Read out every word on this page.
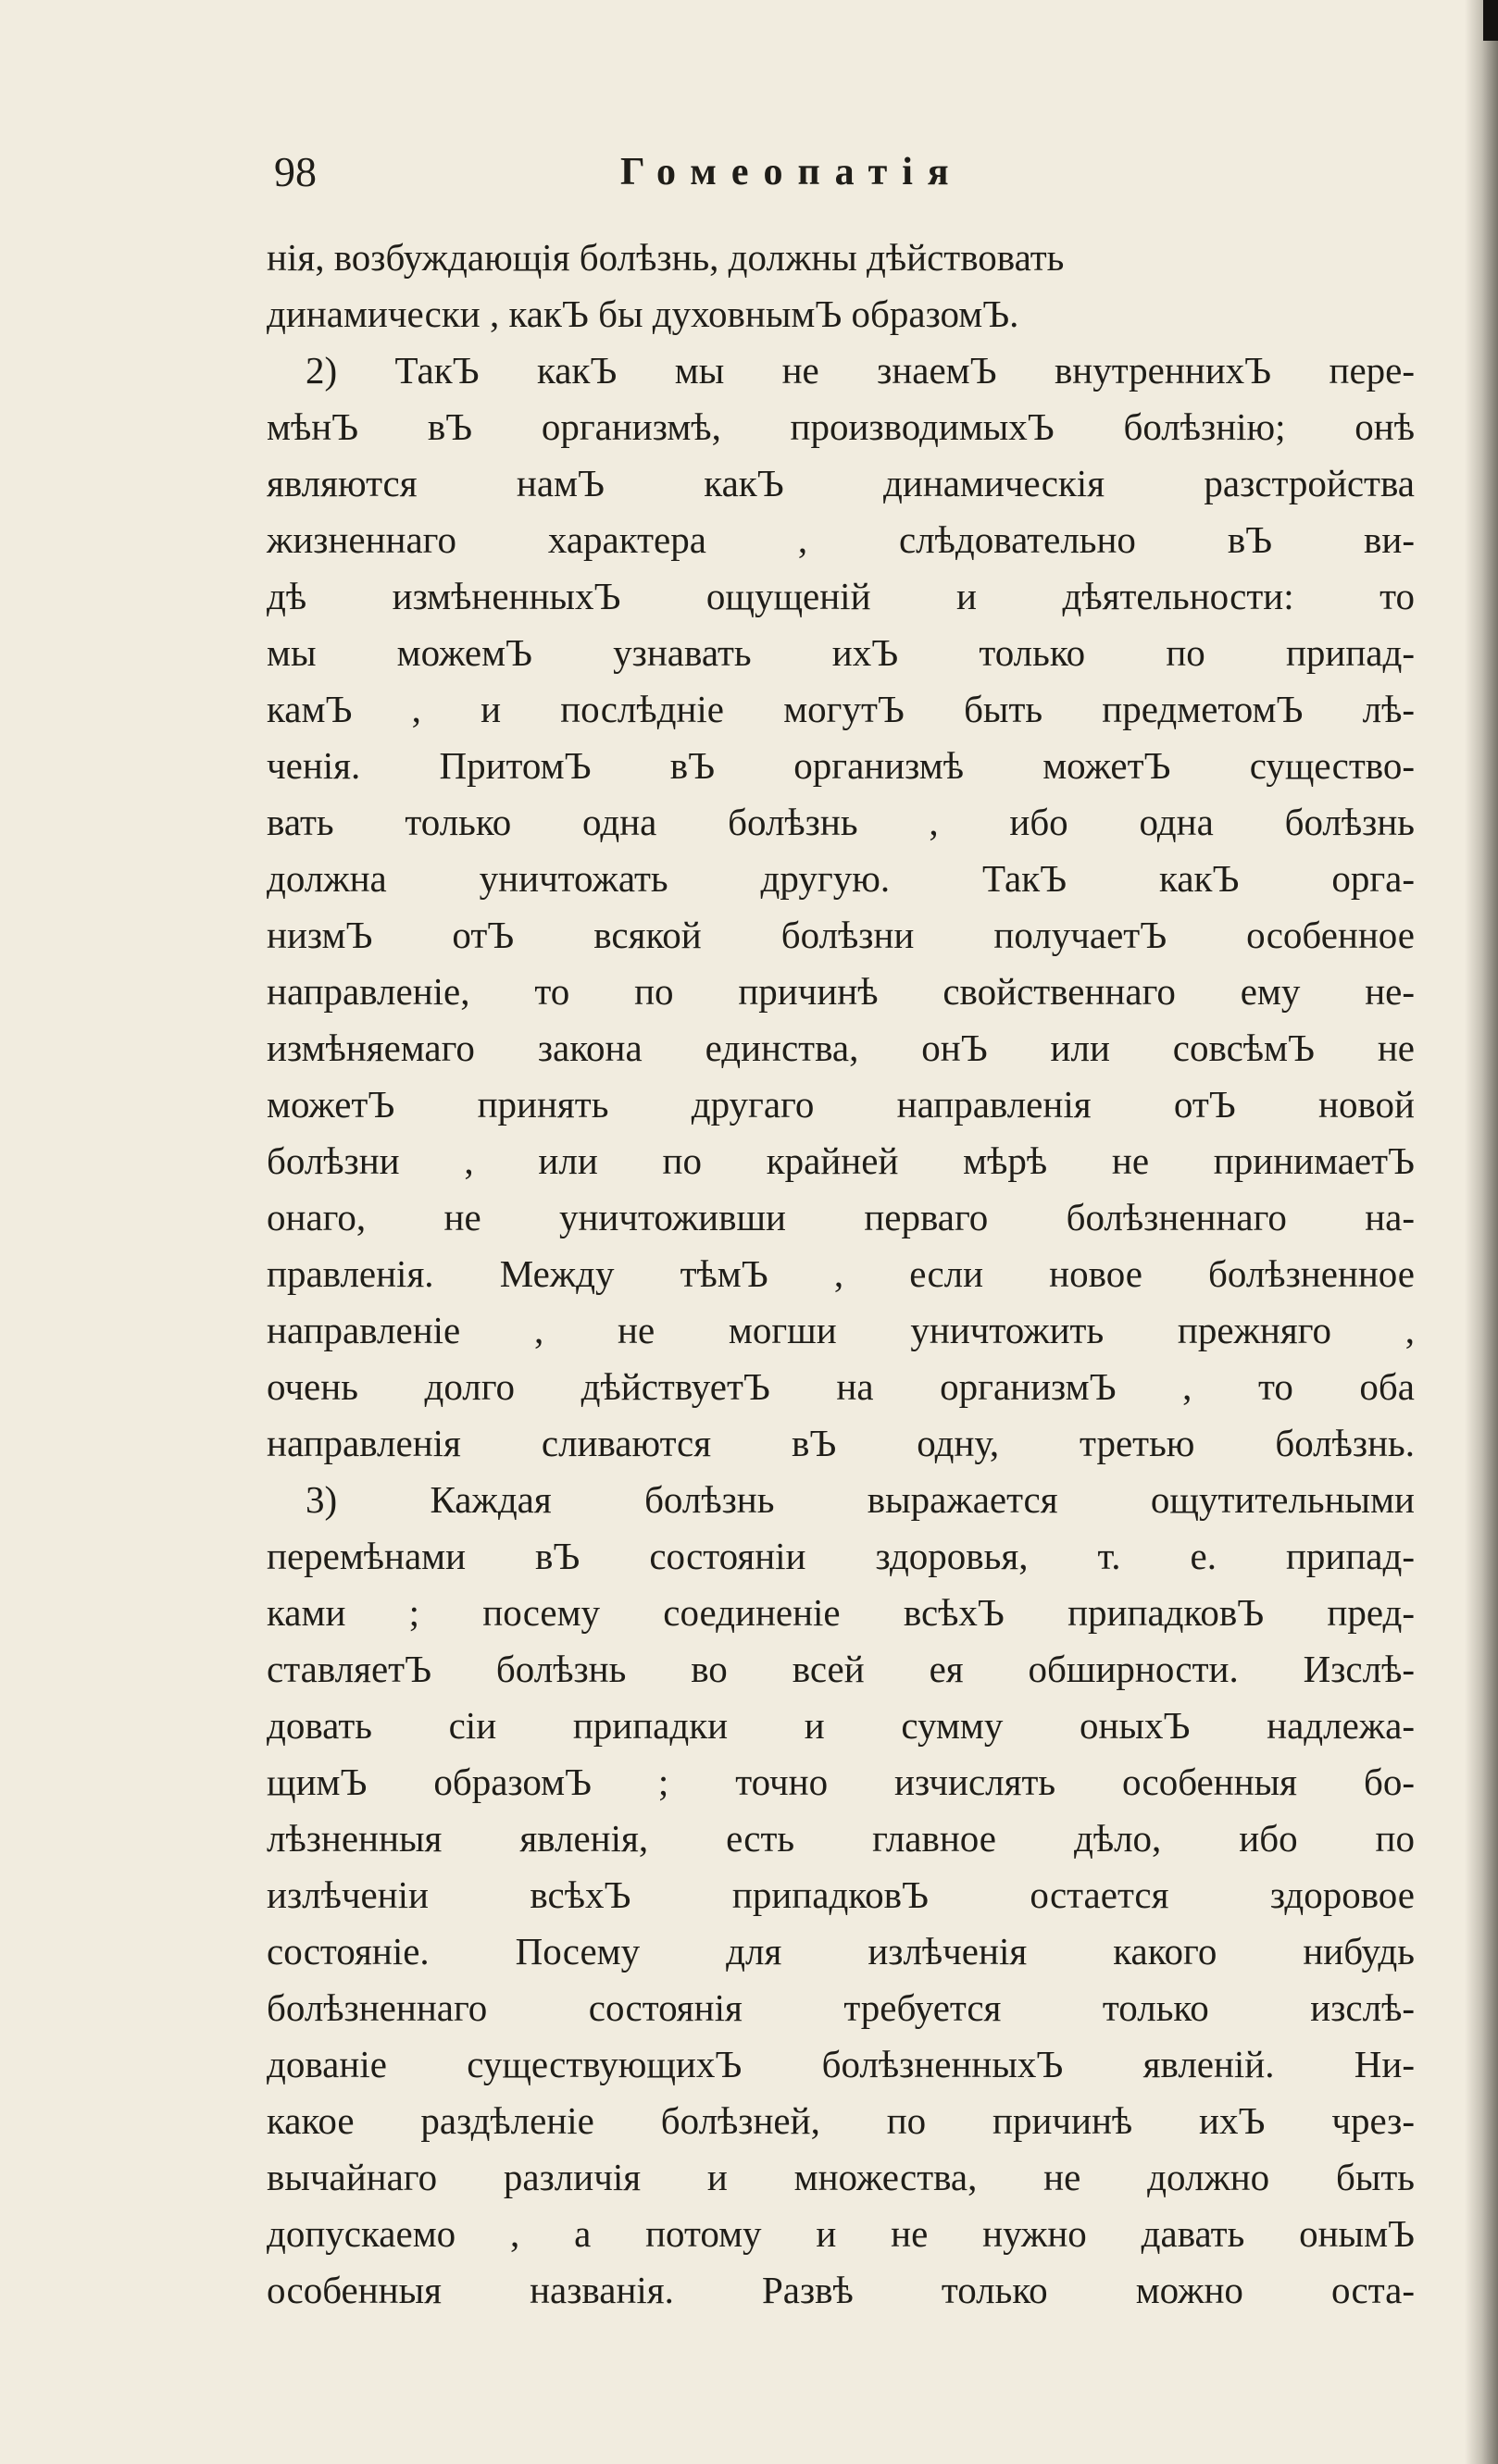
98	Гомеопатія
нія, возбуждающія болѣзнь, должны дѣйствовать
динамически , какЪ бы духовнымЪ образомЪ.
2) ТакЪ какЪ мы не знаемЪ внутреннихЪ пере-
мѣнЪ вЪ организмѣ, производимыхЪ болѣзнію; онѣ
являются намЪ какЪ динамическія разстройства
жизненнаго характера , слѣдовательно вЪ ви-
дѣ измѣненныхЪ ощущеній и дѣятельности: то
мы можемЪ узнавать ихЪ только по припад-
камЪ , и послѣдніе могутЪ быть предметомЪ лѣ-
ченія. ПритомЪ вЪ организмѣ можетЪ существо-
вать только одна болѣзнь , ибо одна болѣзнь
должна уничтожать другую. ТакЪ какЪ орга-
низмЪ отЪ всякой болѣзни получаетЪ особенное
направленіе, то по причинѣ свойственнаго ему не-
измѣняемаго закона единства, онЪ или совсѣмЪ не
можетЪ принять другаго направленія отЪ новой
болѣзни , или по крайней мѣрѣ не принимаетЪ
онаго, не уничтоживши перваго болѣзненнаго на-
правленія. Между тѣмЪ , если новое болѣзненное
направленіе , не могши уничтожить прежняго ,
очень долго дѣйствуетЪ на организмЪ , то оба
направленія сливаются вЪ одну, третью болѣзнь.
3) Каждая болѣзнь выражается ощутительными
перемѣнами вЪ состояніи здоровья, т. е. припад-
ками ; посему соединеніе всѣхЪ припадковЪ пред-
ставляетЪ болѣзнь во всей ея обширности. Изслѣ-
довать сіи припадки и сумму оныхЪ надлежа-
щимЪ образомЪ ; точно изчислять особенныя бо-
лѣзненныя явленія, есть главное дѣло, ибо по
излѣченіи всѣхЪ припадковЪ остается здоровое
состояніе. Посему для излѣченія какого нибудь
болѣзненнаго состоянія требуется только изслѣ-
дованіе существующихЪ болѣзненныхЪ явленій. Ни-
какое раздѣленіе болѣзней, по причинѣ ихЪ чрез-
вычайнаго различія и множества, не должно быть
допускаемо , а потому и не нужно давать онымЪ
особенныя названія. Развѣ только можно оста-
